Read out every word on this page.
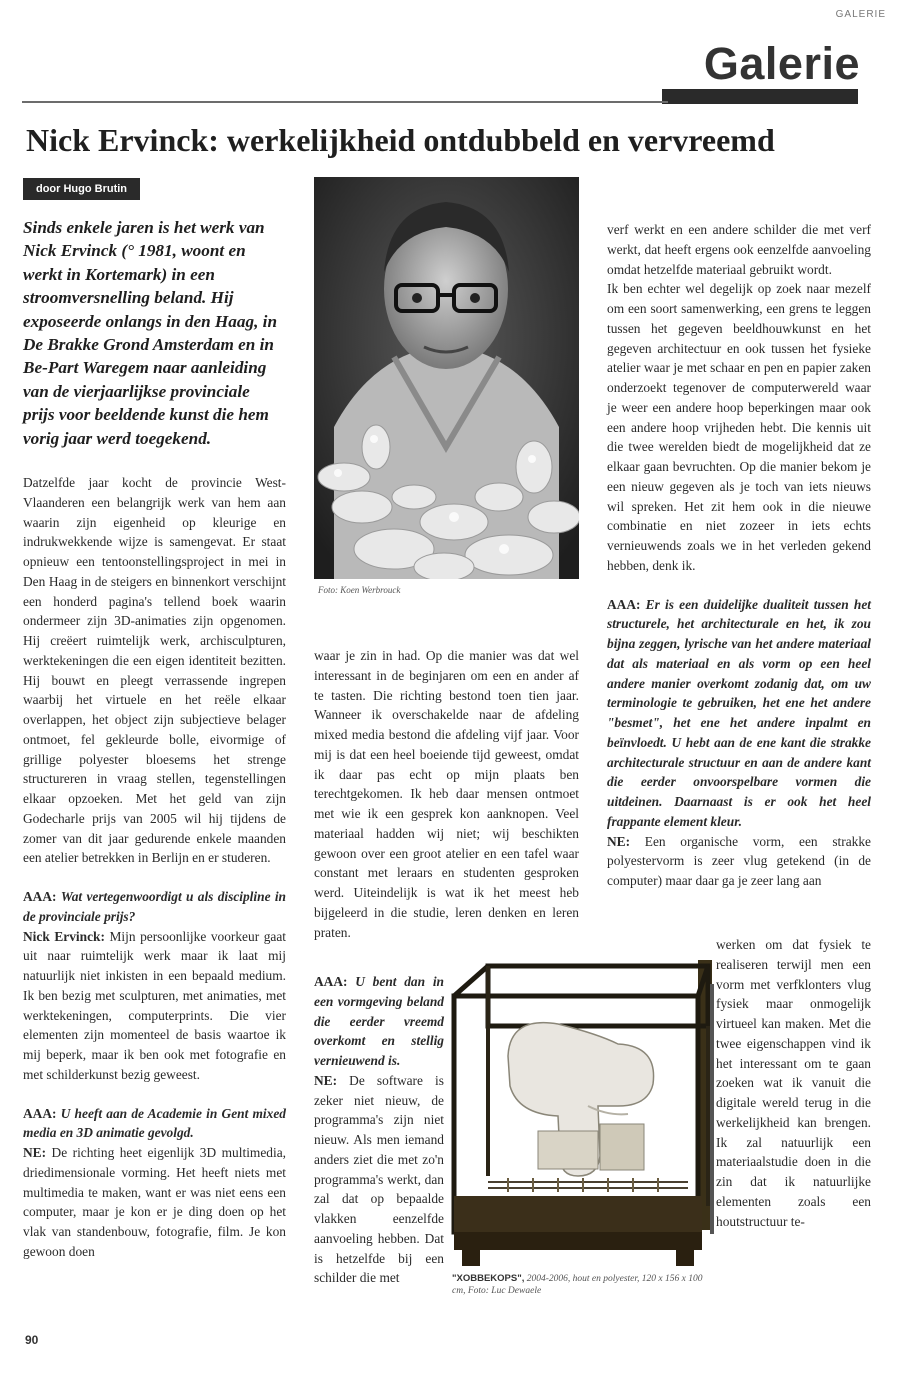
GALERIE
Galerie
Nick Ervinck: werkelijkheid ontdubbeld en vervreemd
door Hugo Brutin

Sinds enkele jaren is het werk van Nick Ervinck (° 1981, woont en werkt in Kortemark) in een stroomversnelling beland. Hij exposeerde onlangs in den Haag, in De Brakke Grond Amsterdam en in Be-Part Waregem naar aanleiding van de vierjaarlijkse provinciale prijs voor beeldende kunst die hem vorig jaar werd toegekend.

Datzelfde jaar kocht de provincie West-Vlaanderen een belangrijk werk van hem aan waarin zijn eigenheid op kleurige en indrukwekkende wijze is samengevat. Er staat opnieuw een tentoonstellingsproject in mei in Den Haag in de steigers en binnenkort verschijnt een honderd pagina's tellend boek waarin ondermeer zijn 3D-animaties zijn opgenomen. Hij creëert ruimtelijk werk, archisculpturen, werktekeningen die een eigen identiteit bezitten. Hij bouwt en pleegt verrassende ingrepen waarbij het virtuele en het reële elkaar overlappen, het object zijn subjectieve belager ontmoet, fel gekleurde bolle, eivormige of grillige polyester bloesems het strenge structureren in vraag stellen, tegenstellingen elkaar opzoeken. Met het geld van zijn Godecharle prijs van 2005 wil hij tijdens de zomer van dit jaar gedurende enkele maanden een atelier betrekken in Berlijn en er studeren.

AAA: Wat vertegenwoordigt u als discipline in de provinciale prijs?

Nick Ervinck: Mijn persoonlijke voorkeur gaat uit naar ruimtelijk werk maar ik laat mij natuurlijk niet inkisten in een bepaald medium. Ik ben bezig met sculpturen, met animaties, met werktekeningen, computerprints. Die vier elementen zijn momenteel de basis waartoe ik mij beperk, maar ik ben ook met fotografie en met schilderkunst bezig geweest.

AAA: U heeft aan de Academie in Gent mixed media en 3D animatie gevolgd.

NE: De richting heet eigenlijk 3D multimedia, driedimensionale vorming. Het heeft niets met multimedia te maken, want er was niet eens een computer, maar je kon er je ding doen op het vlak van standenbouw, fotografie, film. Je kon gewoon doen

Foto: Koen Werbrouck

waar je zin in had. Op die manier was dat wel interessant in de beginjaren om een en ander af te tasten. Die richting bestond toen tien jaar. Wanneer ik overschakelde naar de afdeling mixed media bestond die afdeling vijf jaar. Voor mij is dat een heel boeiende tijd geweest, omdat ik daar pas echt op mijn plaats ben terechtgekomen. Ik heb daar mensen ontmoet met wie ik een gesprek kon aanknopen. Veel materiaal hadden wij niet; wij beschikten gewoon over een groot atelier en een tafel waar constant met leraars en studenten gesproken werd. Uiteindelijk is wat ik het meest heb bijgeleerd in die studie, leren denken en leren praten.

AAA: U bent dan in een vormgeving beland die eerder vreemd overkomt en stellig vernieuwend is.

NE: De software is zeker niet nieuw, de programma's zijn niet nieuw. Als men iemand anders ziet die met zo'n programma's werkt, dan zal dat op bepaalde vlakken eenzelfde aanvoeling hebben. Dat is hetzelfde bij een schilder die met	"XOBBEKOPS", 2004-2006, hout en polyester, 120 x 156 x 100 cm, Foto: Luc Dewaele

verf werkt en een andere schilder die met verf werkt, dat heeft ergens ook eenzelfde aanvoeling omdat hetzelfde materiaal gebruikt wordt.

Ik ben echter wel degelijk op zoek naar mezelf om een soort samenwerking, een grens te leggen tussen het gegeven beeldhouwkunst en het gegeven architectuur en ook tussen het fysieke atelier waar je met schaar en pen en papier zaken onderzoekt tegenover de computerwereld waar je weer een andere hoop beperkingen maar ook een andere hoop vrijheden hebt. Die kennis uit die twee werelden biedt de mogelijkheid dat ze elkaar gaan bevruchten. Op die manier bekom je een nieuw gegeven als je toch van iets nieuws wil spreken. Het zit hem ook in die nieuwe combinatie en niet zozeer in iets echts vernieuwends zoals we in het verleden gekend hebben, denk ik.

AAA: Er is een duidelijke dualiteit tussen het structurele, het architecturale en het, ik zou bijna zeggen, lyrische van het andere materiaal dat als materiaal en als vorm op een heel andere manier overkomt zodanig dat, om uw terminologie te gebruiken, het ene het andere "besmet", het ene het andere inpalmt en beïnvloedt. U hebt aan de ene kant die strakke architecturale structuur en aan de andere kant die eerder onvoorspelbare vormen die uitdeinen. Daarnaast is er ook het heel frappante element kleur.

NE: Een organische vorm, een strakke polyestervorm is zeer vlug getekend (in de computer) maar daar ga je zeer lang aan

werken om dat fysiek te realiseren terwijl men een vorm met verfklonters vlug fysiek maar onmogelijk virtueel kan maken. Met die twee eigenschappen vind ik het interessant om te gaan zoeken wat ik vanuit die digitale wereld terug in die werkelijkheid kan brengen. Ik zal natuurlijk een materiaalstudie doen in die zin dat ik natuurlijke elementen zoals een houtstructuur te-

90
